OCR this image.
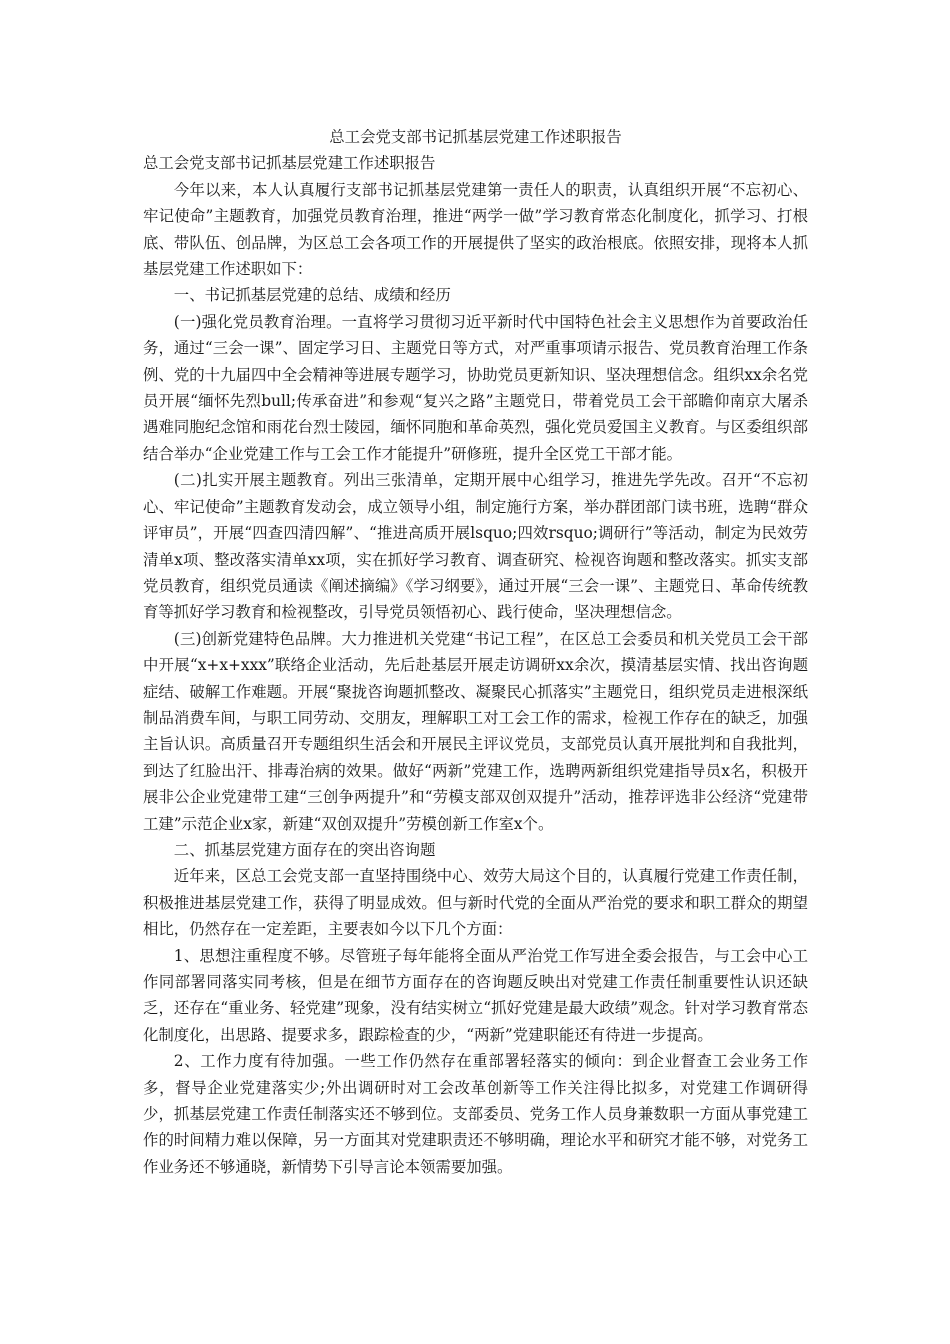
总工会党支部书记抓基层党建工作述职报告
总工会党支部书记抓基层党建工作述职报告

今年以来，本人认真履行支部书记抓基层党建第一责任人的职责，认真组织开展“不忘初心、牢记使命”主题教育，加强党员教育治理，推进“两学一做”学习教育常态化制度化，抓学习、打根底、带队伍、创品牌，为区总工会各项工作的开展提供了坚实的政治根底。依照安排，现将本人抓基层党建工作述职如下：

一、书记抓基层党建的总结、成绩和经历

(一)强化党员教育治理。一直将学习贯彻习近平新时代中国特色社会主义思想作为首要政治任务，通过“三会一课”、固定学习日、主题党日等方式，对严重事项请示报告、党员教育治理工作条例、党的十九届四中全会精神等进展专题学习，协助党员更新知识、坚决理想信念。组织xx余名党员开展“缅怀先烈bull;传承奋进”和参观“复兴之路”主题党日，带着党员工会干部瞻仰南京大屠杀遇难同胞纪念馆和雨花台烈士陵园，缅怀同胞和革命英烈，强化党员爱国主义教育。与区委组织部结合举办“企业党建工作与工会工作才能提升”研修班，提升全区党工干部才能。

(二)扎实开展主题教育。列出三张清单，定期开展中心组学习，推进先学先改。召开“不忘初心、牢记使命”主题教育发动会，成立领导小组，制定施行方案，举办群团部门读书班，选聘“群众评审员”，开展“四查四清四解”、“推进高质开展lsquo;四效rsquo;调研行”等活动，制定为民效劳清单x项、整改落实清单xx项，实在抓好学习教育、调查研究、检视咨询题和整改落实。抓实支部党员教育，组织党员通读《阐述摘编》《学习纲要》，通过开展“三会一课”、主题党日、革命传统教育等抓好学习教育和检视整改，引导党员领悟初心、践行使命，坚决理想信念。

(三)创新党建特色品牌。大力推进机关党建“书记工程”，在区总工会委员和机关党员工会干部中开展“x+x+xxx”联络企业活动，先后赴基层开展走访调研xx余次，摸清基层实情、找出咨询题症结、破解工作难题。开展“聚拢咨询题抓整改、凝聚民心抓落实”主题党日，组织党员走进根深纸制品消费车间，与职工同劳动、交朋友，理解职工对工会工作的需求，检视工作存在的缺乏，加强主旨认识。高质量召开专题组织生活会和开展民主评议党员，支部党员认真开展批判和自我批判，到达了红脸出汗、排毒治病的效果。做好“两新”党建工作，选聘两新组织党建指导员x名，积极开展非公企业党建带工建“三创争两提升”和“劳模支部双创双提升”活动，推荐评选非公经济“党建带工建”示范企业x家，新建“双创双提升”劳模创新工作室x个。

二、抓基层党建方面存在的突出咨询题

近年来，区总工会党支部一直坚持围绕中心、效劳大局这个目的，认真履行党建工作责任制，积极推进基层党建工作，获得了明显成效。但与新时代党的全面从严治党的要求和职工群众的期望相比，仍然存在一定差距，主要表如今以下几个方面：

1、思想注重程度不够。尽管班子每年能将全面从严治党工作写进全委会报告，与工会中心工作同部署同落实同考核，但是在细节方面存在的咨询题反映出对党建工作责任制重要性认识还缺乏，还存在“重业务、轻党建”现象，没有结实树立“抓好党建是最大政绩”观念。针对学习教育常态化制度化，出思路、提要求多，跟踪检查的少，“两新”党建职能还有待进一步提高。

2、工作力度有待加强。一些工作仍然存在重部署轻落实的倾向：到企业督查工会业务工作多，督导企业党建落实少;外出调研时对工会改革创新等工作关注得比拟多，对党建工作调研得少，抓基层党建工作责任制落实还不够到位。支部委员、党务工作人员身兼数职一方面从事党建工作的时间精力难以保障，另一方面其对党建职责还不够明确，理论水平和研究才能不够，对党务工作业务还不够通晓，新情势下引导言论本领需要加强。
